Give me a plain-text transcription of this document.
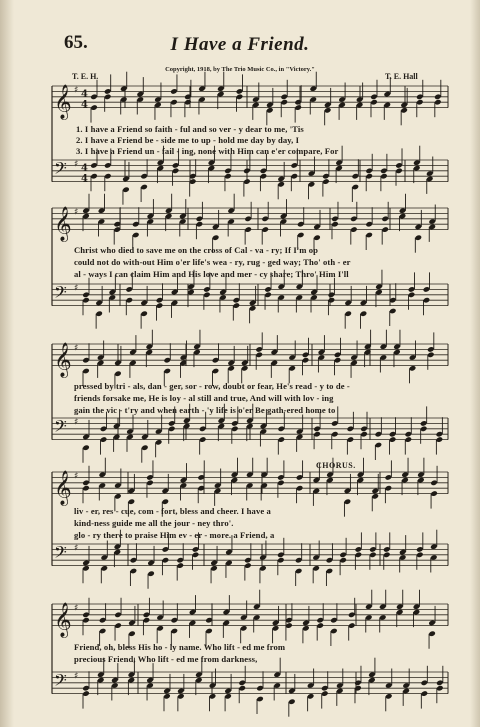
65.	I Have a Friend.
Copyright, 1918, by The Trio Music Co., in "Victory."
T. E. H.	T. E. Hall
CHORUS.
𝄞 ♯ 4
4
𝄢 ♯ 4
4
𝄞 ♯
𝄢 ♯
𝄞 ♯
𝄢 ♯
𝄞 ♯
𝄢 ♯
𝄞 ♯
𝄢 ♯
1. I have a Friend so faith - ful and so ver - y dear to me, 'Tis
2. I have a Friend be - side me to up - hold me day by day, I
3. I have a Friend un - fail - ing, none with Him can e'er compare, For
Christ who died to save me on the cross of Cal - va - ry; If I'm op
could not do with-out Him o'er life's wea - ry, rug - ged way; Tho' oth - er
al - ways I can claim Him and His love and mer - cy share; Thro' Him I'll
pressed by tri - als, dan - ger, sor - row, doubt or fear, He's read - y to de -
friends forsake me, He is loy - al still and true, And will with lov - ing
gain the vic - t'ry and when earth - 'y life is o'er Be gath-ered home to
liv - er, res - cue, com - fort, bless and cheer. I have a
kind-ness guide me all the jour - ney thro'.
glo - ry there to praise Him ev - er - more. a Friend, a
Friend, oh, bless His ho - ly name. Who lift - ed me from
precious Friend, Who lift - ed me from darkness,
